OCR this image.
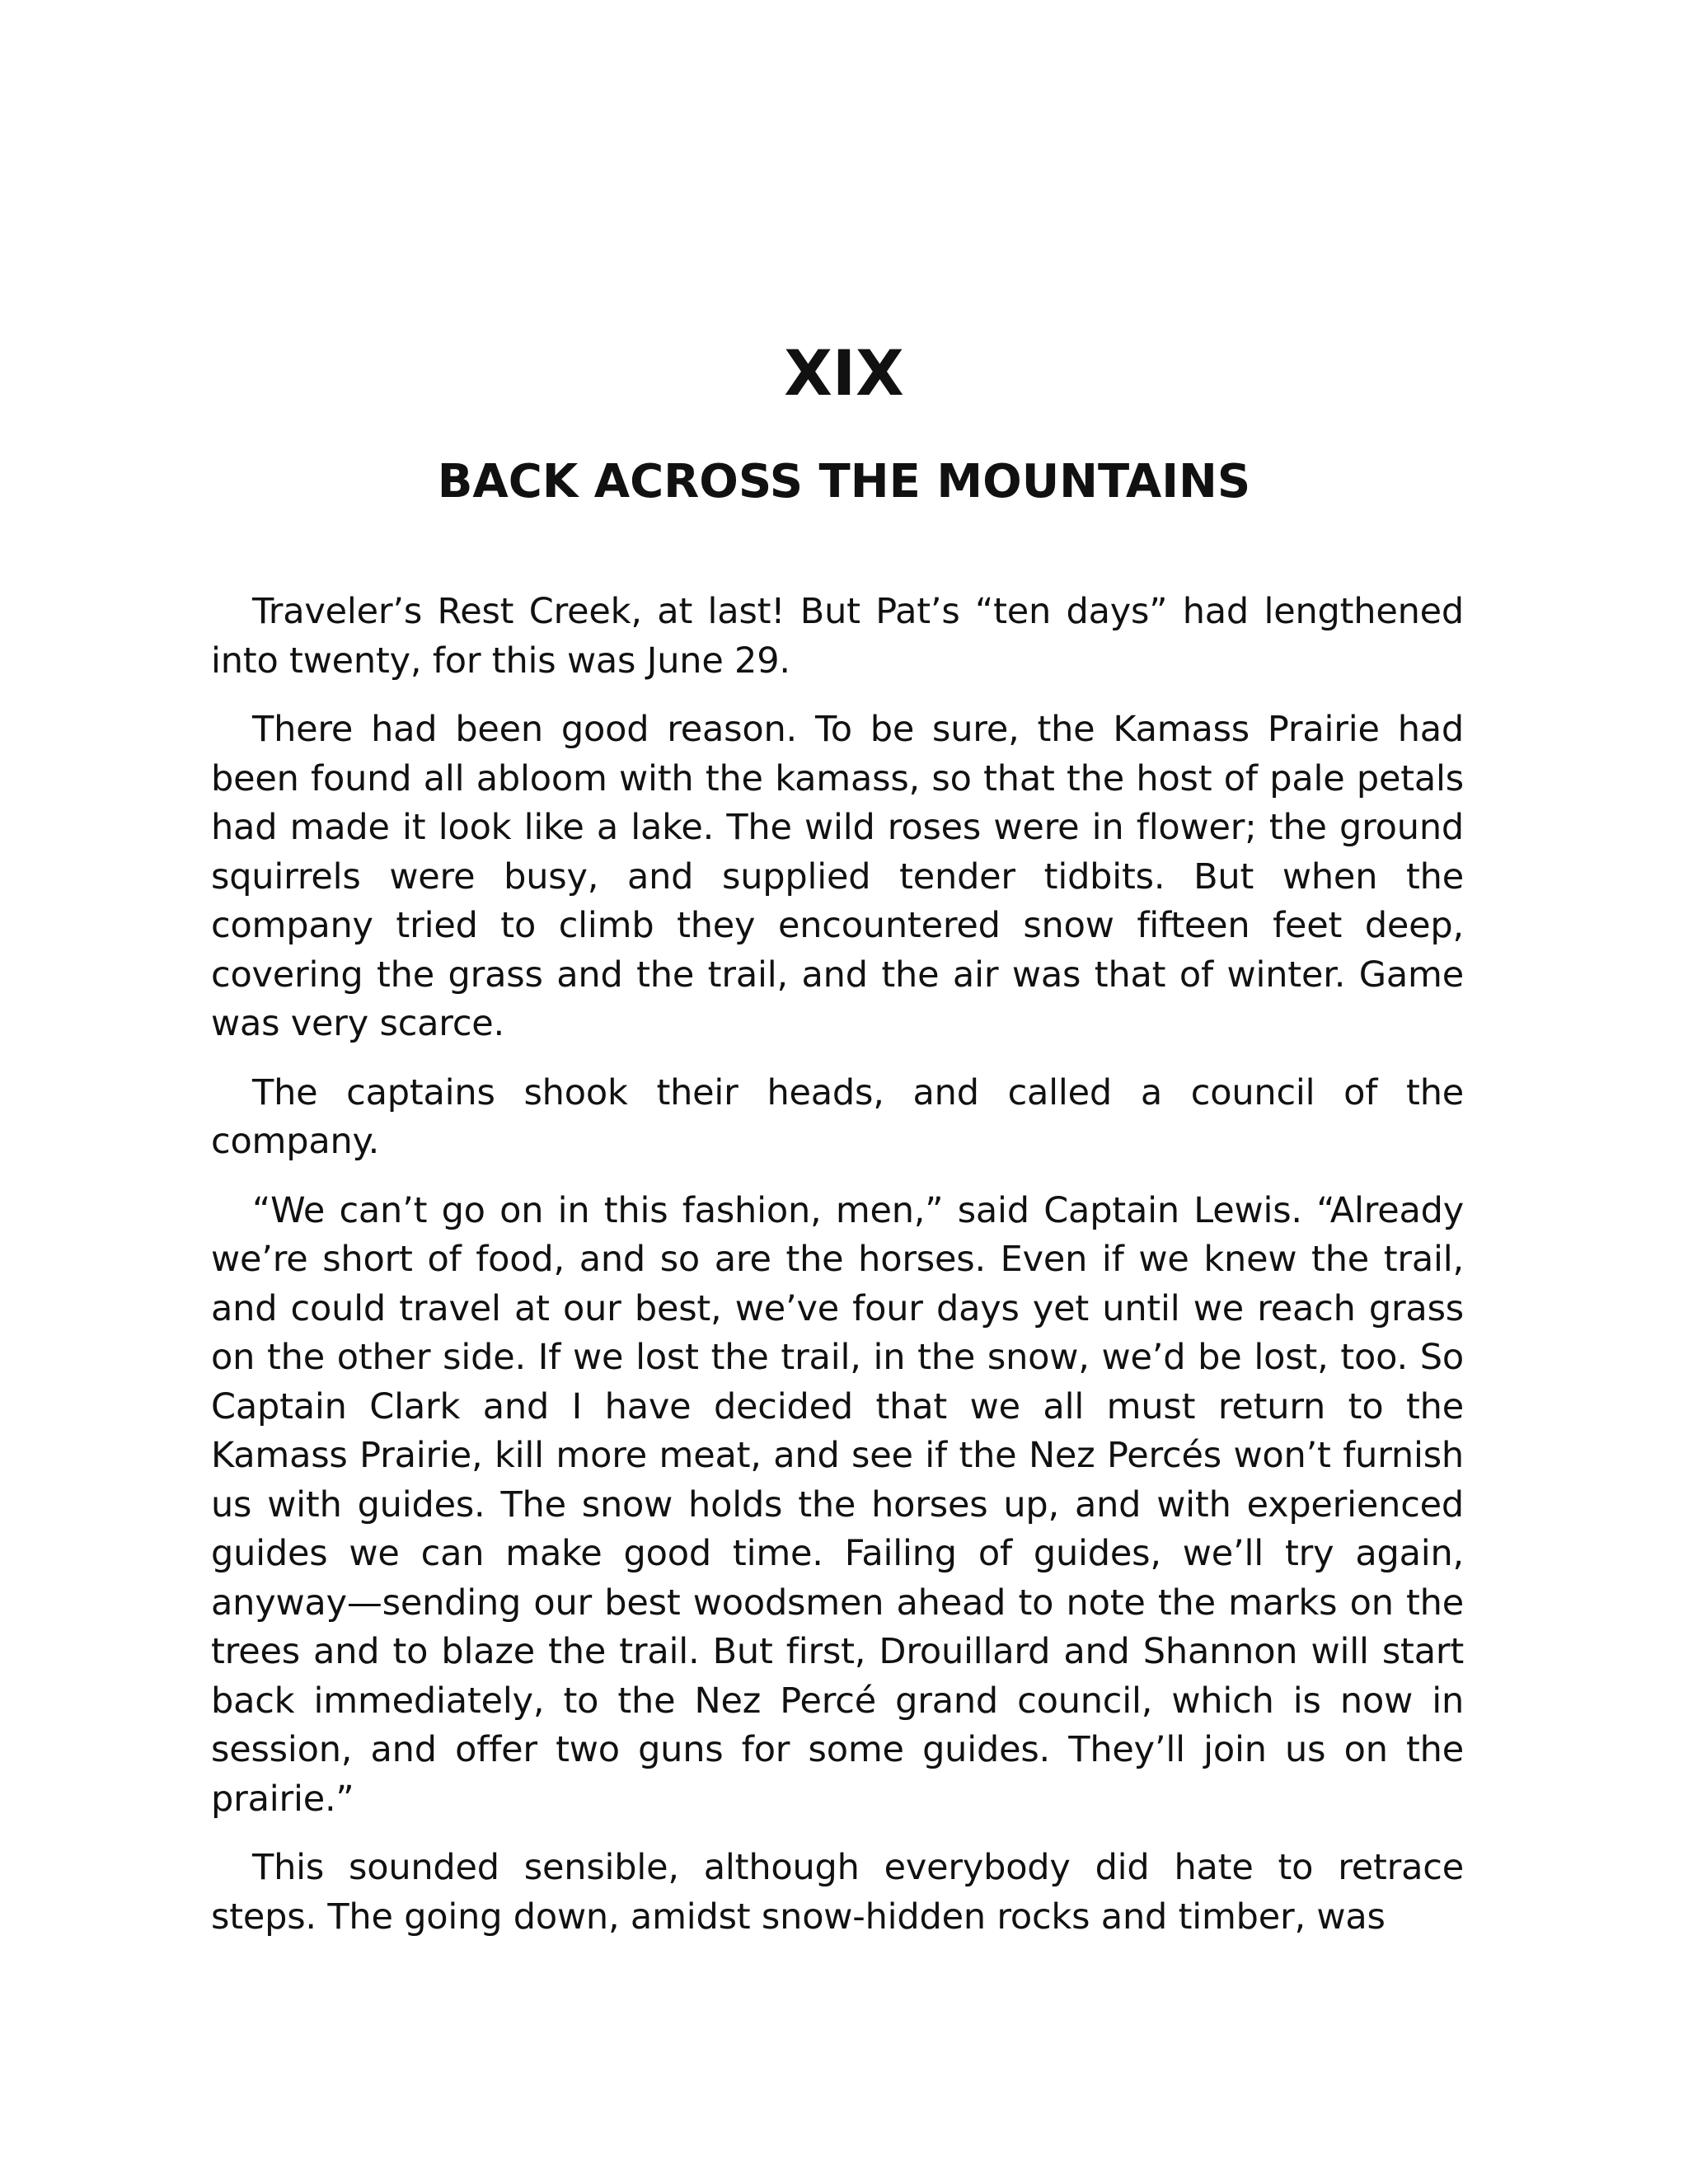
XIX
BACK ACROSS THE MOUNTAINS

Traveler’s Rest Creek, at last! But Pat’s “ten days” had lengthened into twenty, for this was June 29.

There had been good reason. To be sure, the Kamass Prairie had been found all abloom with the kamass, so that the host of pale petals had made it look like a lake. The wild roses were in flower; the ground squirrels were busy, and supplied tender tidbits. But when the company tried to climb they encountered snow fifteen feet deep, covering the grass and the trail, and the air was that of winter. Game was very scarce.

The captains shook their heads, and called a council of the company.

“We can’t go on in this fashion, men,” said Captain Lewis. “Already we’re short of food, and so are the horses. Even if we knew the trail, and could travel at our best, we’ve four days yet until we reach grass on the other side. If we lost the trail, in the snow, we’d be lost, too. So Captain Clark and I have decided that we all must return to the Kamass Prairie, kill more meat, and see if the Nez Percés won’t furnish us with guides. The snow holds the horses up, and with experienced guides we can make good time. Failing of guides, we’ll try again, anyway—sending our best woodsmen ahead to note the marks on the trees and to blaze the trail. But first, Drouillard and Shannon will start back immediately, to the Nez Percé grand council, which is now in session, and offer two guns for some guides. They’ll join us on the prairie.”

This sounded sensible, although everybody did hate to retrace steps. The going down, amidst snow-hidden rocks and timber, was
